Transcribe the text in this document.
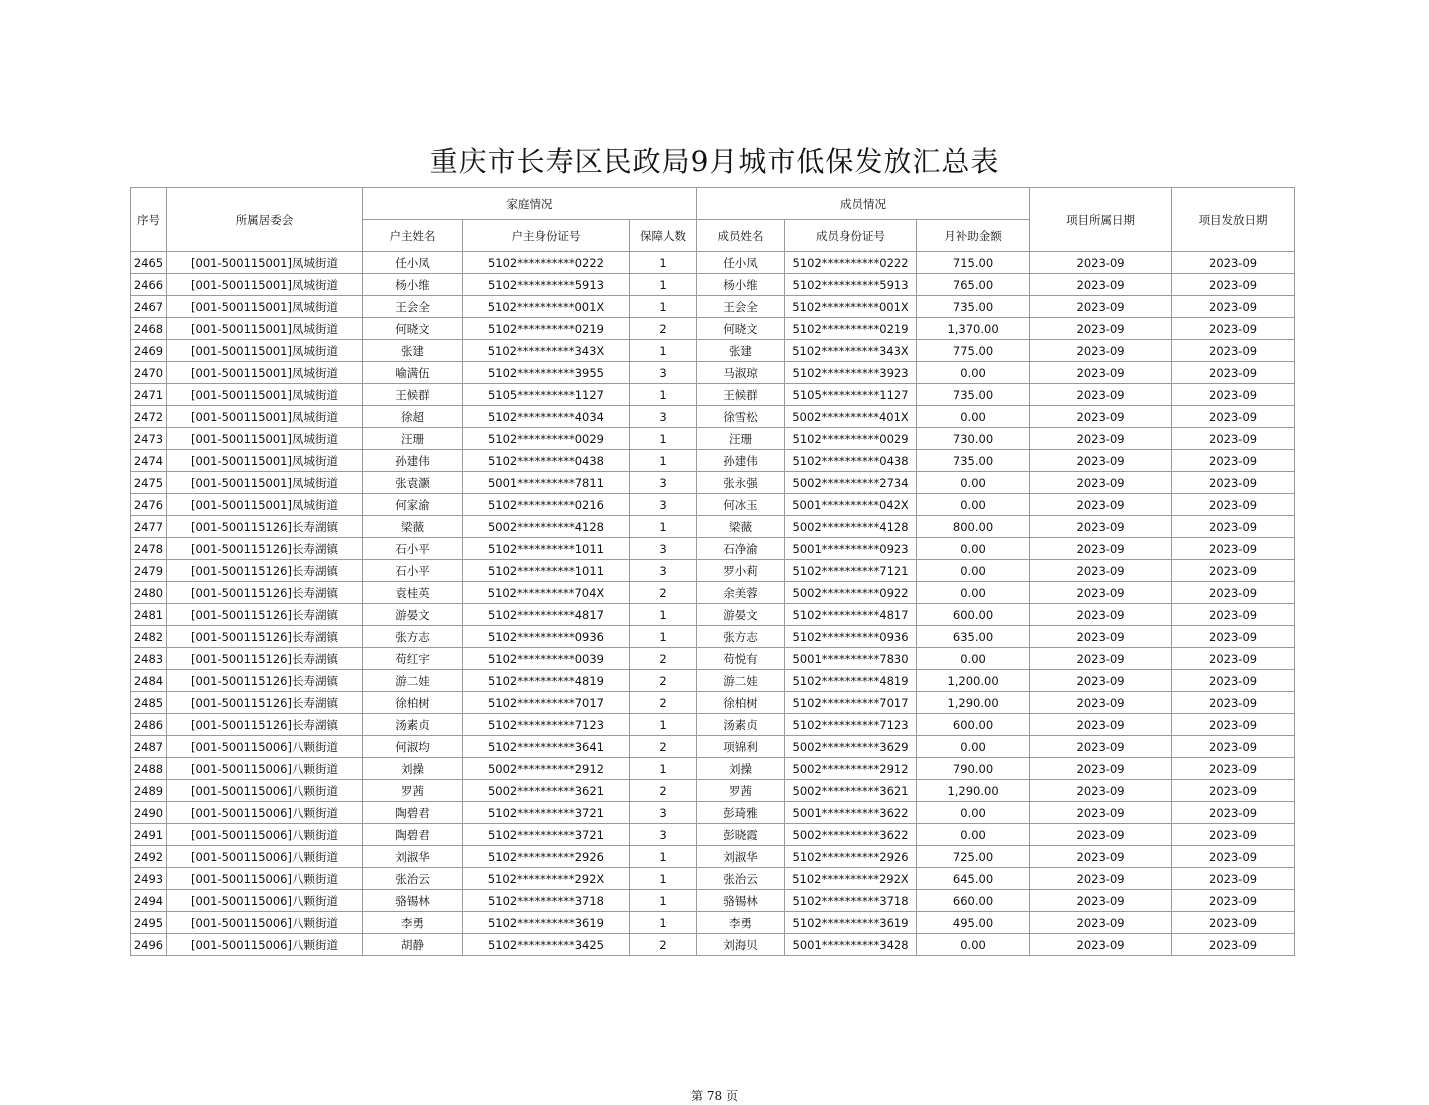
重庆市长寿区民政局9月城市低保发放汇总表
序号	所属居委会	家庭情况			成员情况			项目所属日期	项目发放日期
		户主姓名	户主身份证号	保障人数	成员姓名	成员身份证号	月补助金额		
2465	[001-500115001]凤城街道	任小凤	5102**********0222	1	任小凤	5102**********0222	715.00	2023-09	2023-09
2466	[001-500115001]凤城街道	杨小维	5102**********5913	1	杨小维	5102**********5913	765.00	2023-09	2023-09
2467	[001-500115001]凤城街道	王会全	5102**********001X	1	王会全	5102**********001X	735.00	2023-09	2023-09
2468	[001-500115001]凤城街道	何晓文	5102**********0219	2	何晓文	5102**********0219	1,370.00	2023-09	2023-09
2469	[001-500115001]凤城街道	张建	5102**********343X	1	张建	5102**********343X	775.00	2023-09	2023-09
2470	[001-500115001]凤城街道	喻满伍	5102**********3955	3	马淑琼	5102**********3923	0.00	2023-09	2023-09
2471	[001-500115001]凤城街道	王候群	5105**********1127	1	王候群	5105**********1127	735.00	2023-09	2023-09
2472	[001-500115001]凤城街道	徐超	5102**********4034	3	徐雪松	5002**********401X	0.00	2023-09	2023-09
2473	[001-500115001]凤城街道	汪珊	5102**********0029	1	汪珊	5102**********0029	730.00	2023-09	2023-09
2474	[001-500115001]凤城街道	孙建伟	5102**********0438	1	孙建伟	5102**********0438	735.00	2023-09	2023-09
2475	[001-500115001]凤城街道	张袁灏	5001**********7811	3	张永强	5002**********2734	0.00	2023-09	2023-09
2476	[001-500115001]凤城街道	何家渝	5102**********0216	3	何冰玉	5001**********042X	0.00	2023-09	2023-09
2477	[001-500115126]长寿湖镇	梁薇	5002**********4128	1	梁薇	5002**********4128	800.00	2023-09	2023-09
2478	[001-500115126]长寿湖镇	石小平	5102**********1011	3	石净渝	5001**********0923	0.00	2023-09	2023-09
2479	[001-500115126]长寿湖镇	石小平	5102**********1011	3	罗小莉	5102**********7121	0.00	2023-09	2023-09
2480	[001-500115126]长寿湖镇	袁桂英	5102**********704X	2	余美蓉	5002**********0922	0.00	2023-09	2023-09
2481	[001-500115126]长寿湖镇	游晏文	5102**********4817	1	游晏文	5102**********4817	600.00	2023-09	2023-09
2482	[001-500115126]长寿湖镇	张方志	5102**********0936	1	张方志	5102**********0936	635.00	2023-09	2023-09
2483	[001-500115126]长寿湖镇	苟红宇	5102**********0039	2	苟悦有	5001**********7830	0.00	2023-09	2023-09
2484	[001-500115126]长寿湖镇	游二娃	5102**********4819	2	游二娃	5102**********4819	1,200.00	2023-09	2023-09
2485	[001-500115126]长寿湖镇	徐柏树	5102**********7017	2	徐柏树	5102**********7017	1,290.00	2023-09	2023-09
2486	[001-500115126]长寿湖镇	汤素贞	5102**********7123	1	汤素贞	5102**********7123	600.00	2023-09	2023-09
2487	[001-500115006]八颗街道	何淑均	5102**********3641	2	项锦利	5002**********3629	0.00	2023-09	2023-09
2488	[001-500115006]八颗街道	刘操	5002**********2912	1	刘操	5002**********2912	790.00	2023-09	2023-09
2489	[001-500115006]八颗街道	罗茜	5002**********3621	2	罗茜	5002**********3621	1,290.00	2023-09	2023-09
2490	[001-500115006]八颗街道	陶碧君	5102**********3721	3	彭琦雅	5001**********3622	0.00	2023-09	2023-09
2491	[001-500115006]八颗街道	陶碧君	5102**********3721	3	彭晓霞	5002**********3622	0.00	2023-09	2023-09
2492	[001-500115006]八颗街道	刘淑华	5102**********2926	1	刘淑华	5102**********2926	725.00	2023-09	2023-09
2493	[001-500115006]八颗街道	张治云	5102**********292X	1	张治云	5102**********292X	645.00	2023-09	2023-09
2494	[001-500115006]八颗街道	骆锡林	5102**********3718	1	骆锡林	5102**********3718	660.00	2023-09	2023-09
2495	[001-500115006]八颗街道	李勇	5102**********3619	1	李勇	5102**********3619	495.00	2023-09	2023-09
2496	[001-500115006]八颗街道	胡静	5102**********3425	2	刘海贝	5001**********3428	0.00	2023-09	2023-09
第 78 页
